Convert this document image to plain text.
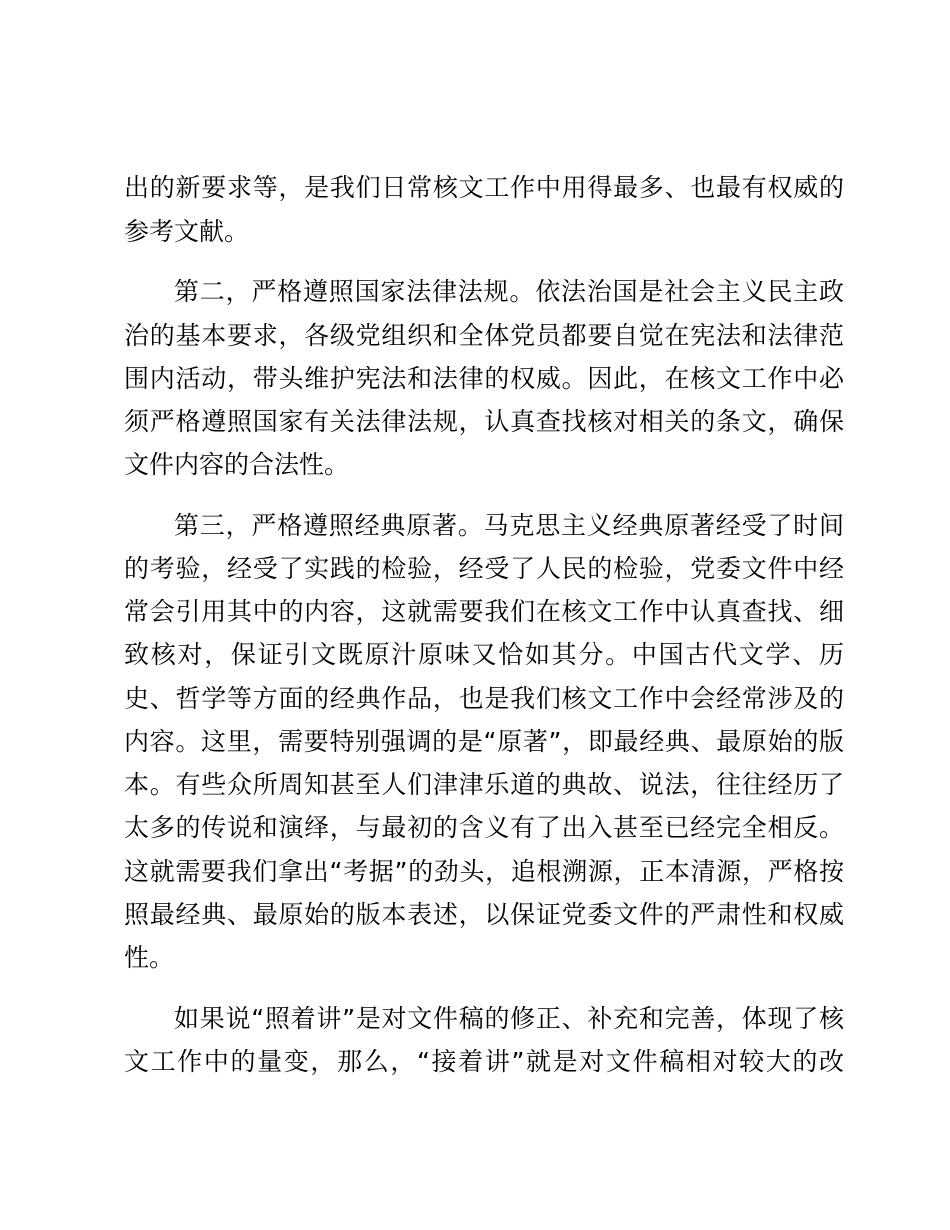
出的新要求等，是我们日常核文工作中用得最多、也最有权威的
参考文献。
第二，严格遵照国家法律法规。依法治国是社会主义民主政
治的基本要求，各级党组织和全体党员都要自觉在宪法和法律范
围内活动，带头维护宪法和法律的权威。因此，在核文工作中必
须严格遵照国家有关法律法规，认真查找核对相关的条文，确保
文件内容的合法性。
第三，严格遵照经典原著。马克思主义经典原著经受了时间
的考验，经受了实践的检验，经受了人民的检验，党委文件中经
常会引用其中的内容，这就需要我们在核文工作中认真查找、细
致核对，保证引文既原汁原味又恰如其分。中国古代文学、历
史、哲学等方面的经典作品，也是我们核文工作中会经常涉及的
内容。这里，需要特别强调的是“原著”，即最经典、最原始的版
本。有些众所周知甚至人们津津乐道的典故、说法，往往经历了
太多的传说和演绎，与最初的含义有了出入甚至已经完全相反。
这就需要我们拿出“考据”的劲头，追根溯源，正本清源，严格按
照最经典、最原始的版本表述，以保证党委文件的严肃性和权威
性。
如果说“照着讲”是对文件稿的修正、补充和完善，体现了核
文工作中的量变，那么，“接着讲”就是对文件稿相对较大的改
